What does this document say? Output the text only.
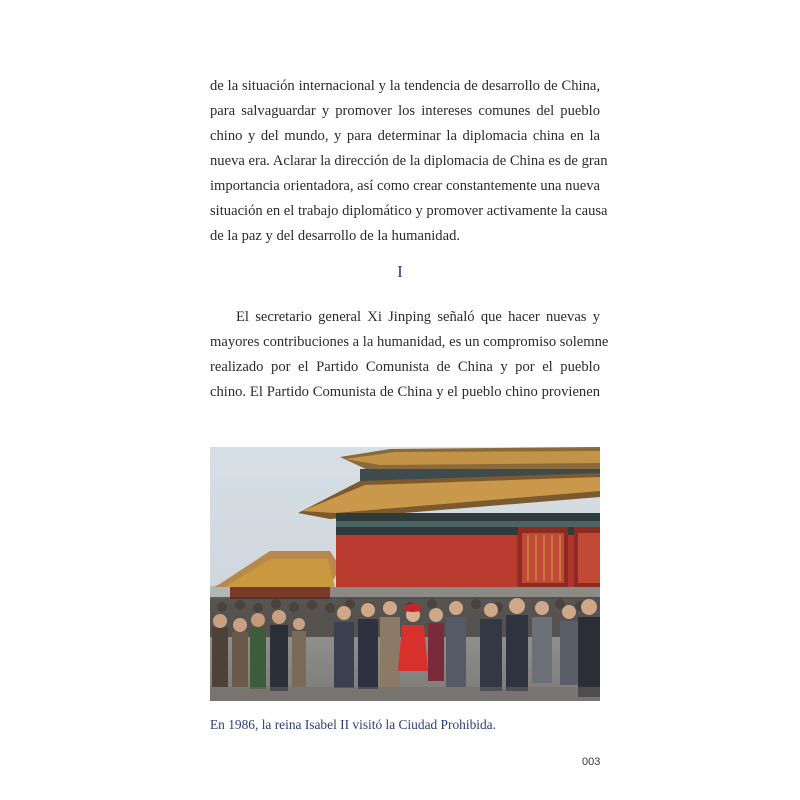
de la situación internacional y la tendencia de desarrollo de China,
para salvaguardar y promover los intereses comunes del pueblo
chino y del mundo, y para determinar la diplomacia china en la
nueva era. Aclarar la dirección de la diplomacia de China es de gran
importancia orientadora, así como crear constantemente una nueva
situación en el trabajo diplomático y promover activamente la causa
de la paz y del desarrollo de la humanidad.
I
El secretario general Xi Jinping señaló que hacer nuevas y
mayores contribuciones a la humanidad, es un compromiso solemne
realizado por el Partido Comunista de China y por el pueblo
chino. El Partido Comunista de China y el pueblo chino provienen
En 1986, la reina Isabel II visitó la Ciudad Prohibida.
003
